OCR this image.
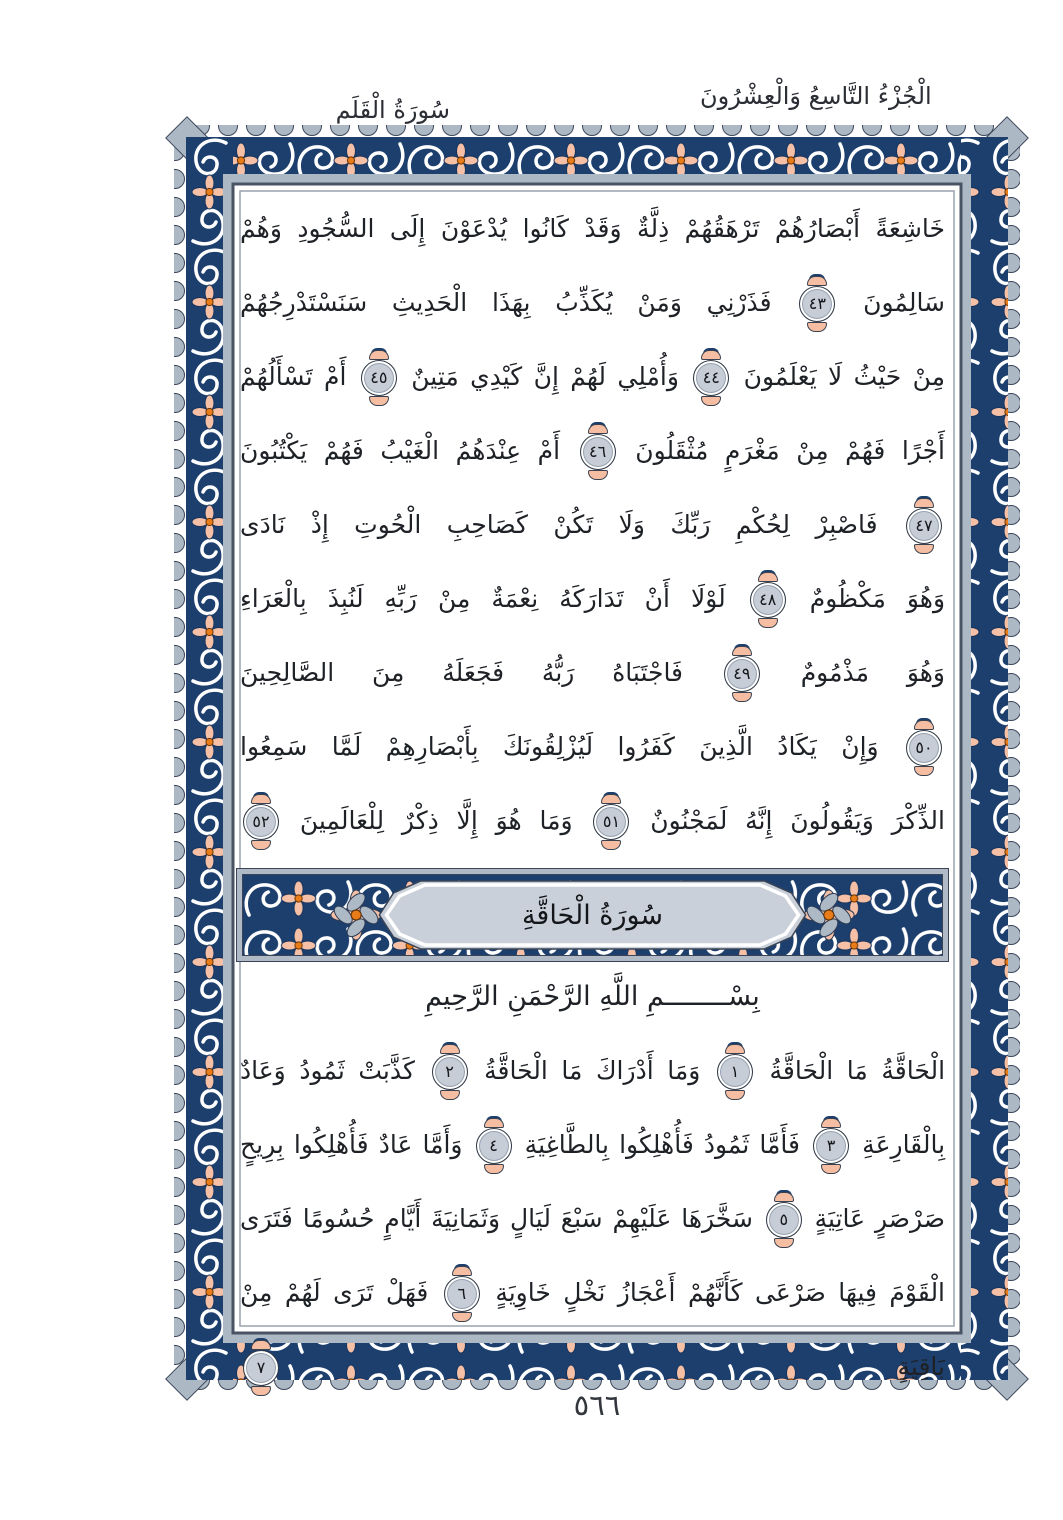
الْجُزْءُ التَّاسِعُ وَالْعِشْرُونَ
سُورَةُ الْقَلَمِ
خَاشِعَةً أَبْصَارُهُمْ تَرْهَقُهُمْ ذِلَّةٌ وَقَدْ كَانُوا يُدْعَوْنَ إِلَى السُّجُودِ وَهُمْ
سَالِمُونَ ٤٣ فَذَرْنِي وَمَنْ يُكَذِّبُ بِهَذَا الْحَدِيثِ سَنَسْتَدْرِجُهُمْ
مِنْ حَيْثُ لَا يَعْلَمُونَ ٤٤ وَأُمْلِي لَهُمْ إِنَّ كَيْدِي مَتِينٌ ٤٥ أَمْ تَسْأَلُهُمْ
أَجْرًا فَهُمْ مِنْ مَغْرَمٍ مُثْقَلُونَ ٤٦ أَمْ عِنْدَهُمُ الْغَيْبُ فَهُمْ يَكْتُبُونَ
٤٧ فَاصْبِرْ لِحُكْمِ رَبِّكَ وَلَا تَكُنْ كَصَاحِبِ الْحُوتِ إِذْ نَادَى
وَهُوَ مَكْظُومٌ ٤٨ لَوْلَا أَنْ تَدَارَكَهُ نِعْمَةٌ مِنْ رَبِّهِ لَنُبِذَ بِالْعَرَاءِ
وَهُوَ مَذْمُومٌ ٤٩ فَاجْتَبَاهُ رَبُّهُ فَجَعَلَهُ مِنَ الصَّالِحِينَ
٥٠ وَإِنْ يَكَادُ الَّذِينَ كَفَرُوا لَيُزْلِقُونَكَ بِأَبْصَارِهِمْ لَمَّا سَمِعُوا
الذِّكْرَ وَيَقُولُونَ إِنَّهُ لَمَجْنُونٌ ٥١ وَمَا هُوَ إِلَّا ذِكْرٌ لِلْعَالَمِينَ ٥٢
سُورَةُ الْحَاقَّةِ
بِسْــــــــمِ اللَّهِ الرَّحْمَنِ الرَّحِيمِ
الْحَاقَّةُ مَا الْحَاقَّةُ ١ وَمَا أَدْرَاكَ مَا الْحَاقَّةُ ٢ كَذَّبَتْ ثَمُودُ وَعَادٌ
بِالْقَارِعَةِ ٣ فَأَمَّا ثَمُودُ فَأُهْلِكُوا بِالطَّاغِيَةِ ٤ وَأَمَّا عَادٌ فَأُهْلِكُوا بِرِيحٍ
صَرْصَرٍ عَاتِيَةٍ ٥ سَخَّرَهَا عَلَيْهِمْ سَبْعَ لَيَالٍ وَثَمَانِيَةَ أَيَّامٍ حُسُومًا فَتَرَى
الْقَوْمَ فِيهَا صَرْعَى كَأَنَّهُمْ أَعْجَازُ نَخْلٍ خَاوِيَةٍ ٦ فَهَلْ تَرَى لَهُمْ مِنْ بَاقِيَةٍ ٧
٥٦٦
